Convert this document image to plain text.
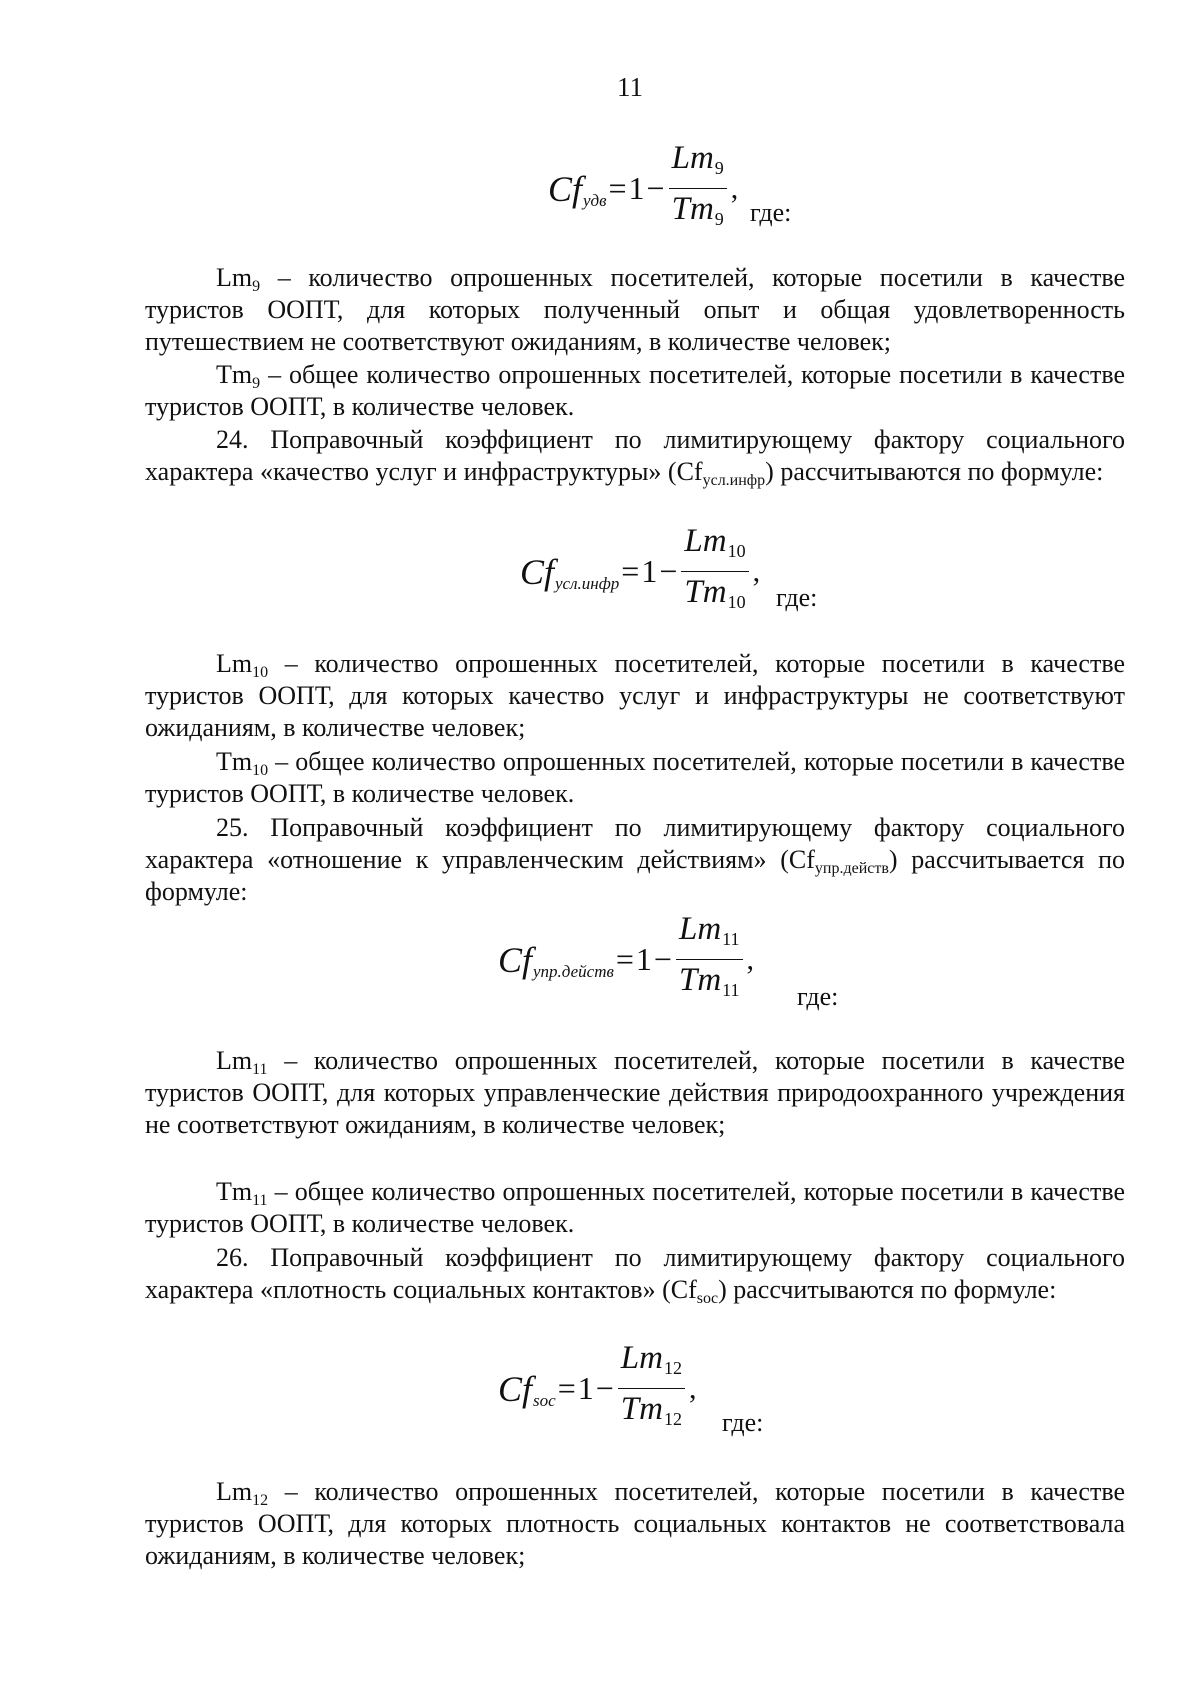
11
Cf удв = $1 - \frac{Lm9}{Tm9}$ ,
где:

$Lm_9$ – количество опрошенных посетителей, которые посетили в качестве туристов ООПТ, для которых полученный опыт и общая удовлетворенность путешествием не соответствуют ожиданиям, в количестве человек;

$Tm_9$ – общее количество опрошенных посетителей, которые посетили в качестве туристов ООПТ, в количестве человек.

24. Поправочный коэффициент по лимитирующему фактору социального характера «качество услуг и инфраструктуры» $(Cf_{усл.инфр})$ рассчитываются по формуле:

Cf усл.инфр = $1 - \frac{Lm10}{Tm10}$ ,
где:

$Lm_{10}$ – количество опрошенных посетителей, которые посетили в качестве туристов ООПТ, для которых качество услуг и инфраструктуры не соответствуют ожиданиям, в количестве человек;

$Tm_{10}$ – общее количество опрошенных посетителей, которые посетили в качестве туристов ООПТ, в количестве человек.

25. Поправочный коэффициент по лимитирующему фактору социального характера «отношение к управленческим действиям» $(Cf_{упр.действ})$ рассчитывается по формуле:

Cf упр.действ = $1 - \frac{Lm11}{Tm11}$ ,
где:

$Lm_{11}$ – количество опрошенных посетителей, которые посетили в качестве туристов ООПТ, для которых управленческие действия природоохранного учреждения не соответствуют ожиданиям, в количестве человек;

$Tm_{11}$ – общее количество опрошенных посетителей, которые посетили в качестве туристов ООПТ, в количестве человек.

26. Поправочный коэффициент по лимитирующему фактору социального характера «плотность социальных контактов» $(Cf_{soc})$ рассчитываются по формуле:

Cf soc = $1 - \frac{Lm12}{Tm12}$ ,
где:

$Lm_{12}$ – количество опрошенных посетителей, которые посетили в качестве туристов ООПТ, для которых плотность социальных контактов не соответствовала ожиданиям, в количестве человек;
